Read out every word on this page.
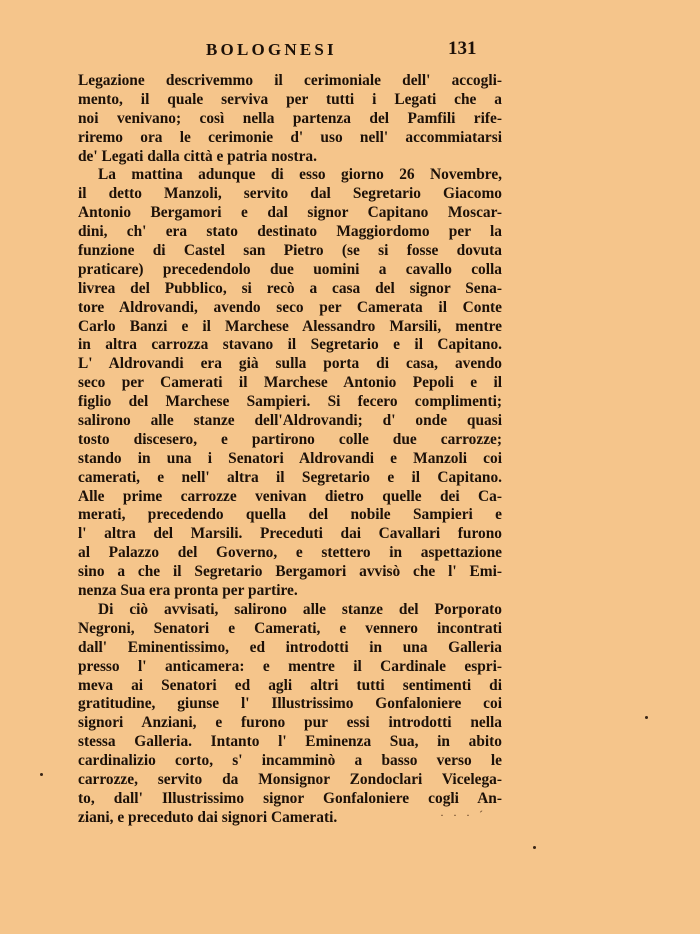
BOLOGNESI	131
Legazione descrivemmo il cerimoniale dell' accogli-
mento, il quale serviva per tutti i Legati che a
noi venivano; così nella partenza del Pamfili rife-
riremo ora le cerimonie d' uso nell' accommiatarsi
de' Legati dalla città e patria nostra.
La mattina adunque di esso giorno 26 Novembre,
il detto Manzoli, servito dal Segretario Giacomo
Antonio Bergamori e dal signor Capitano Moscar-
dini, ch' era stato destinato Maggiordomo per la
funzione di Castel san Pietro (se si fosse dovuta
praticare) precedendolo due uomini a cavallo colla
livrea del Pubblico, si recò a casa del signor Sena-
tore Aldrovandi, avendo seco per Camerata il Conte
Carlo Banzi e il Marchese Alessandro Marsili, mentre
in altra carrozza stavano il Segretario e il Capitano.
L' Aldrovandi era già sulla porta di casa, avendo
seco per Camerati il Marchese Antonio Pepoli e il
figlio del Marchese Sampieri. Si fecero complimenti;
salirono alle stanze dell'Aldrovandi; d' onde quasi
tosto discesero, e partirono colle due carrozze;
stando in una i Senatori Aldrovandi e Manzoli coi
camerati, e nell' altra il Segretario e il Capitano.
Alle prime carrozze venivan dietro quelle dei Ca-
merati, precedendo quella del nobile Sampieri e
l' altra del Marsili. Preceduti dai Cavallari furono
al Palazzo del Governo, e stettero in aspettazione
sino a che il Segretario Bergamori avvisò che l' Emi-
nenza Sua era pronta per partire.
Di ciò avvisati, salirono alle stanze del Porporato
Negroni, Senatori e Camerati, e vennero incontrati
dall' Eminentissimo, ed introdotti in una Galleria
presso l' anticamera: e mentre il Cardinale espri-
meva ai Senatori ed agli altri tutti sentimenti di
gratitudine, giunse l' Illustrissimo Gonfaloniere coi
signori Anziani, e furono pur essi introdotti nella
stessa Galleria. Intanto l' Eminenza Sua, in abito
cardinalizio corto, s' incamminò a basso verso le
carrozze, servito da Monsignor Zondoclari Vicelega-
to, dall' Illustrissimo signor Gonfaloniere cogli An-
ziani, e preceduto dai signori Camerati.	· · · ´
